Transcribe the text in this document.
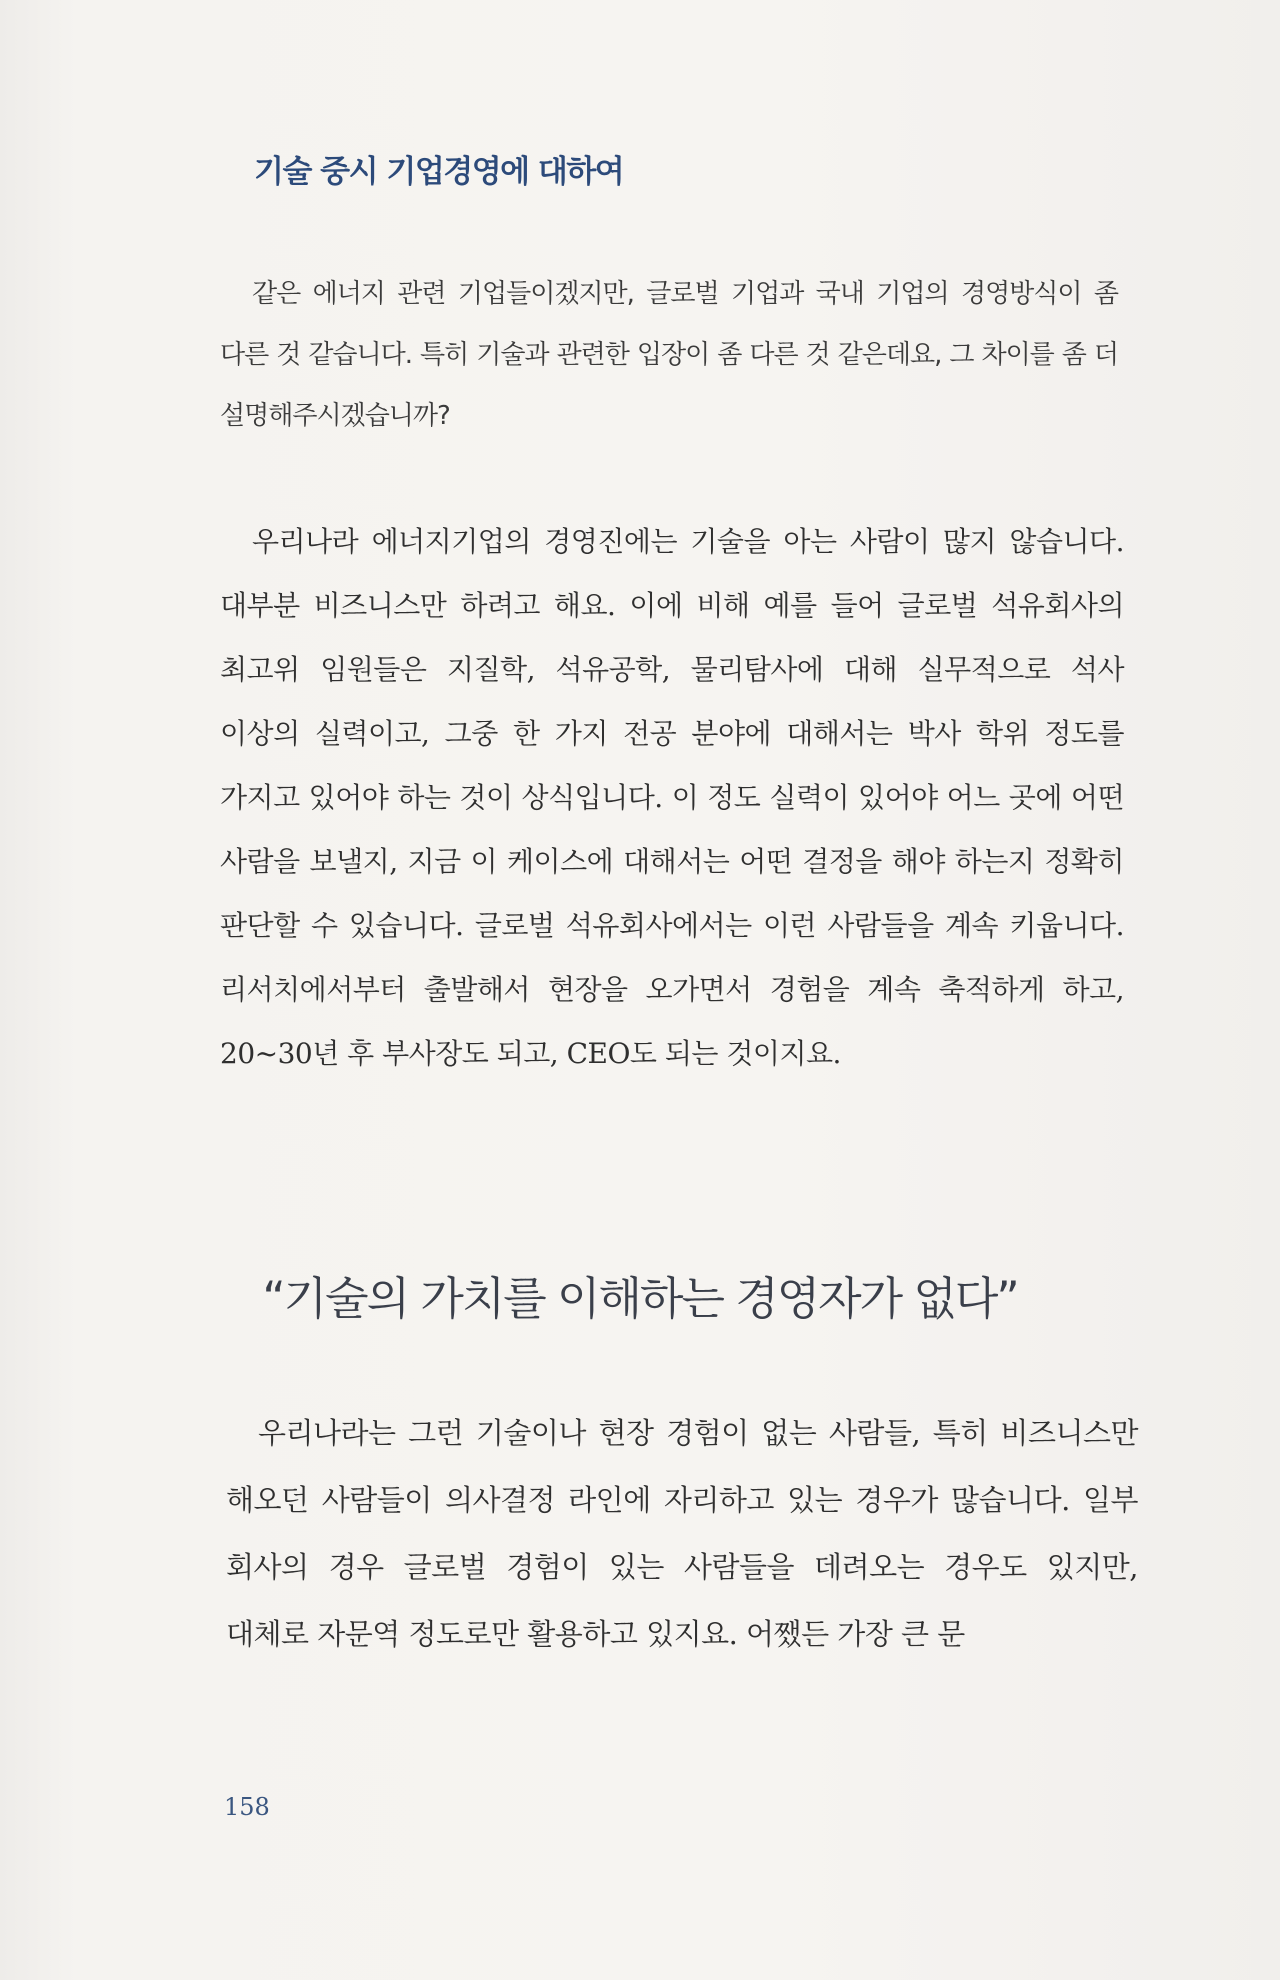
기술 중시 기업경영에 대하여

같은 에너지 관련 기업들이겠지만, 글로벌 기업과 국내 기업의 경영방식이 좀 다른 것 같습니다. 특히 기술과 관련한 입장이 좀 다른 것 같은데요, 그 차이를 좀 더 설명해주시겠습니까?

우리나라 에너지기업의 경영진에는 기술을 아는 사람이 많지 않습니다. 대부분 비즈니스만 하려고 해요. 이에 비해 예를 들어 글로벌 석유회사의 최고위 임원들은 지질학, 석유공학, 물리탐사에 대해 실무적으로 석사 이상의 실력이고, 그중 한 가지 전공 분야에 대해서는 박사 학위 정도를 가지고 있어야 하는 것이 상식입니다. 이 정도 실력이 있어야 어느 곳에 어떤 사람을 보낼지, 지금 이 케이스에 대해서는 어떤 결정을 해야 하는지 정확히 판단할 수 있습니다. 글로벌 석유회사에서는 이런 사람들을 계속 키웁니다. 리서치에서부터 출발해서 현장을 오가면서 경험을 계속 축적하게 하고, 20~30년 후 부사장도 되고, CEO도 되는 것이지요.

“기술의 가치를 이해하는 경영자가 없다”

우리나라는 그런 기술이나 현장 경험이 없는 사람들, 특히 비즈니스만 해오던 사람들이 의사결정 라인에 자리하고 있는 경우가 많습니다. 일부 회사의 경우 글로벌 경험이 있는 사람들을 데려오는 경우도 있지만, 대체로 자문역 정도로만 활용하고 있지요. 어쨌든 가장 큰 문

158
